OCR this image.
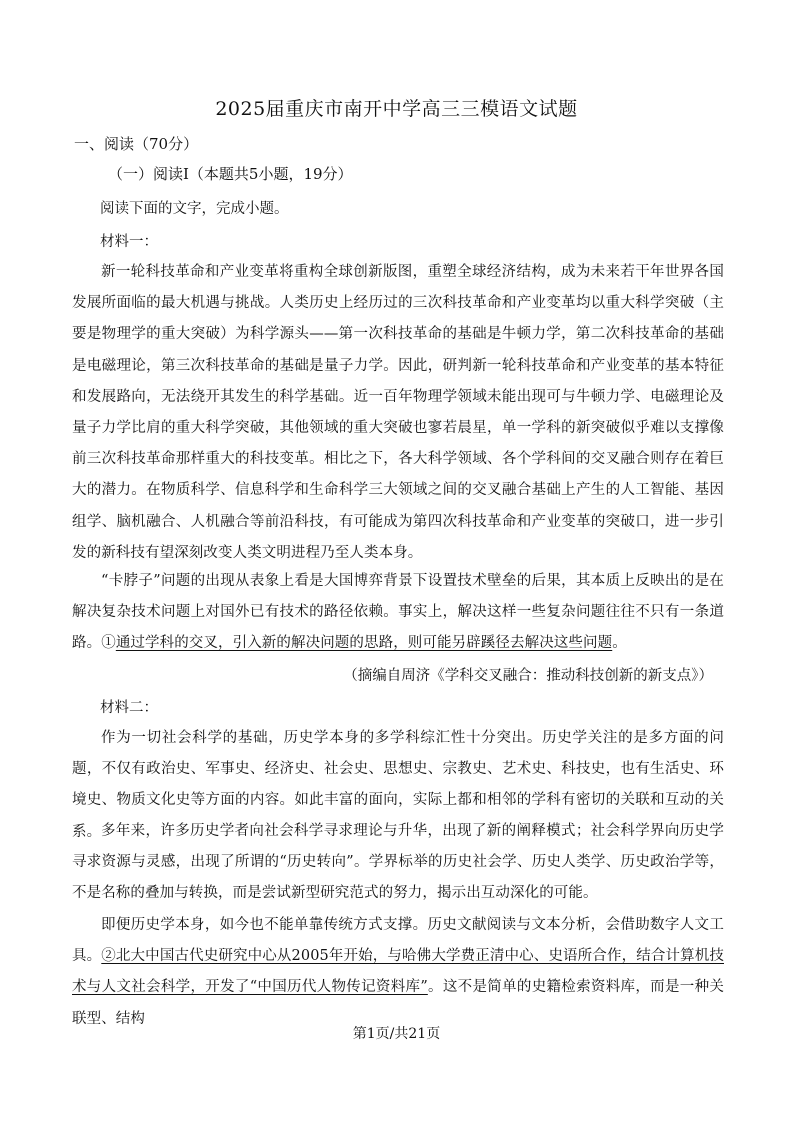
2025届重庆市南开中学高三三模语文试题
一、阅读（70分）
（一）阅读Ⅰ（本题共5小题，19分）
阅读下面的文字，完成小题。
材料一：

新一轮科技革命和产业变革将重构全球创新版图，重塑全球经济结构，成为未来若干年世界各国发展所面临的最大机遇与挑战。人类历史上经历过的三次科技革命和产业变革均以重大科学突破（主要是物理学的重大突破）为科学源头——第一次科技革命的基础是牛顿力学，第二次科技革命的基础是电磁理论，第三次科技革命的基础是量子力学。因此，研判新一轮科技革命和产业变革的基本特征和发展路向，无法绕开其发生的科学基础。近一百年物理学领域未能出现可与牛顿力学、电磁理论及量子力学比肩的重大科学突破，其他领域的重大突破也寥若晨星，单一学科的新突破似乎难以支撑像前三次科技革命那样重大的科技变革。相比之下，各大科学领域、各个学科间的交叉融合则存在着巨大的潜力。在物质科学、信息科学和生命科学三大领域之间的交叉融合基础上产生的人工智能、基因组学、脑机融合、人机融合等前沿科技，有可能成为第四次科技革命和产业变革的突破口，进一步引发的新科技有望深刻改变人类文明进程乃至人类本身。

“卡脖子”问题的出现从表象上看是大国博弈背景下设置技术壁垒的后果，其本质上反映出的是在解决复杂技术问题上对国外已有技术的路径依赖。事实上，解决这样一些复杂问题往往不只有一条道路。①通过学科的交叉，引入新的解决问题的思路，则可能另辟蹊径去解决这些问题。

（摘编自周济《学科交叉融合：推动科技创新的新支点》）
材料二：

作为一切社会科学的基础，历史学本身的多学科综汇性十分突出。历史学关注的是多方面的问题，不仅有政治史、军事史、经济史、社会史、思想史、宗教史、艺术史、科技史，也有生活史、环境史、物质文化史等方面的内容。如此丰富的面向，实际上都和相邻的学科有密切的关联和互动的关系。 多年来，许多历史学者向社会科学寻求理论与升华，出现了新的阐释模式；社会科学界向历史学寻求资源与灵感，出现了所谓的“历史转向”。学界标举的历史社会学、历史人类学、历史政治学等，不是名称的叠加与转换，而是尝试新型研究范式的努力，揭示出互动深化的可能。

即便历史学本身，如今也不能单靠传统方式支撑。历史文献阅读与文本分析，会借助数字人文工具。②北大中国古代史研究中心从2005年开始，与哈佛大学费正清中心、史语所合作，结合计算机技术与人文社会科学，开发了“中国历代人物传记资料库”。这不是简单的史籍检索资料库，而是一种关联型、结构

第1页/共21页
